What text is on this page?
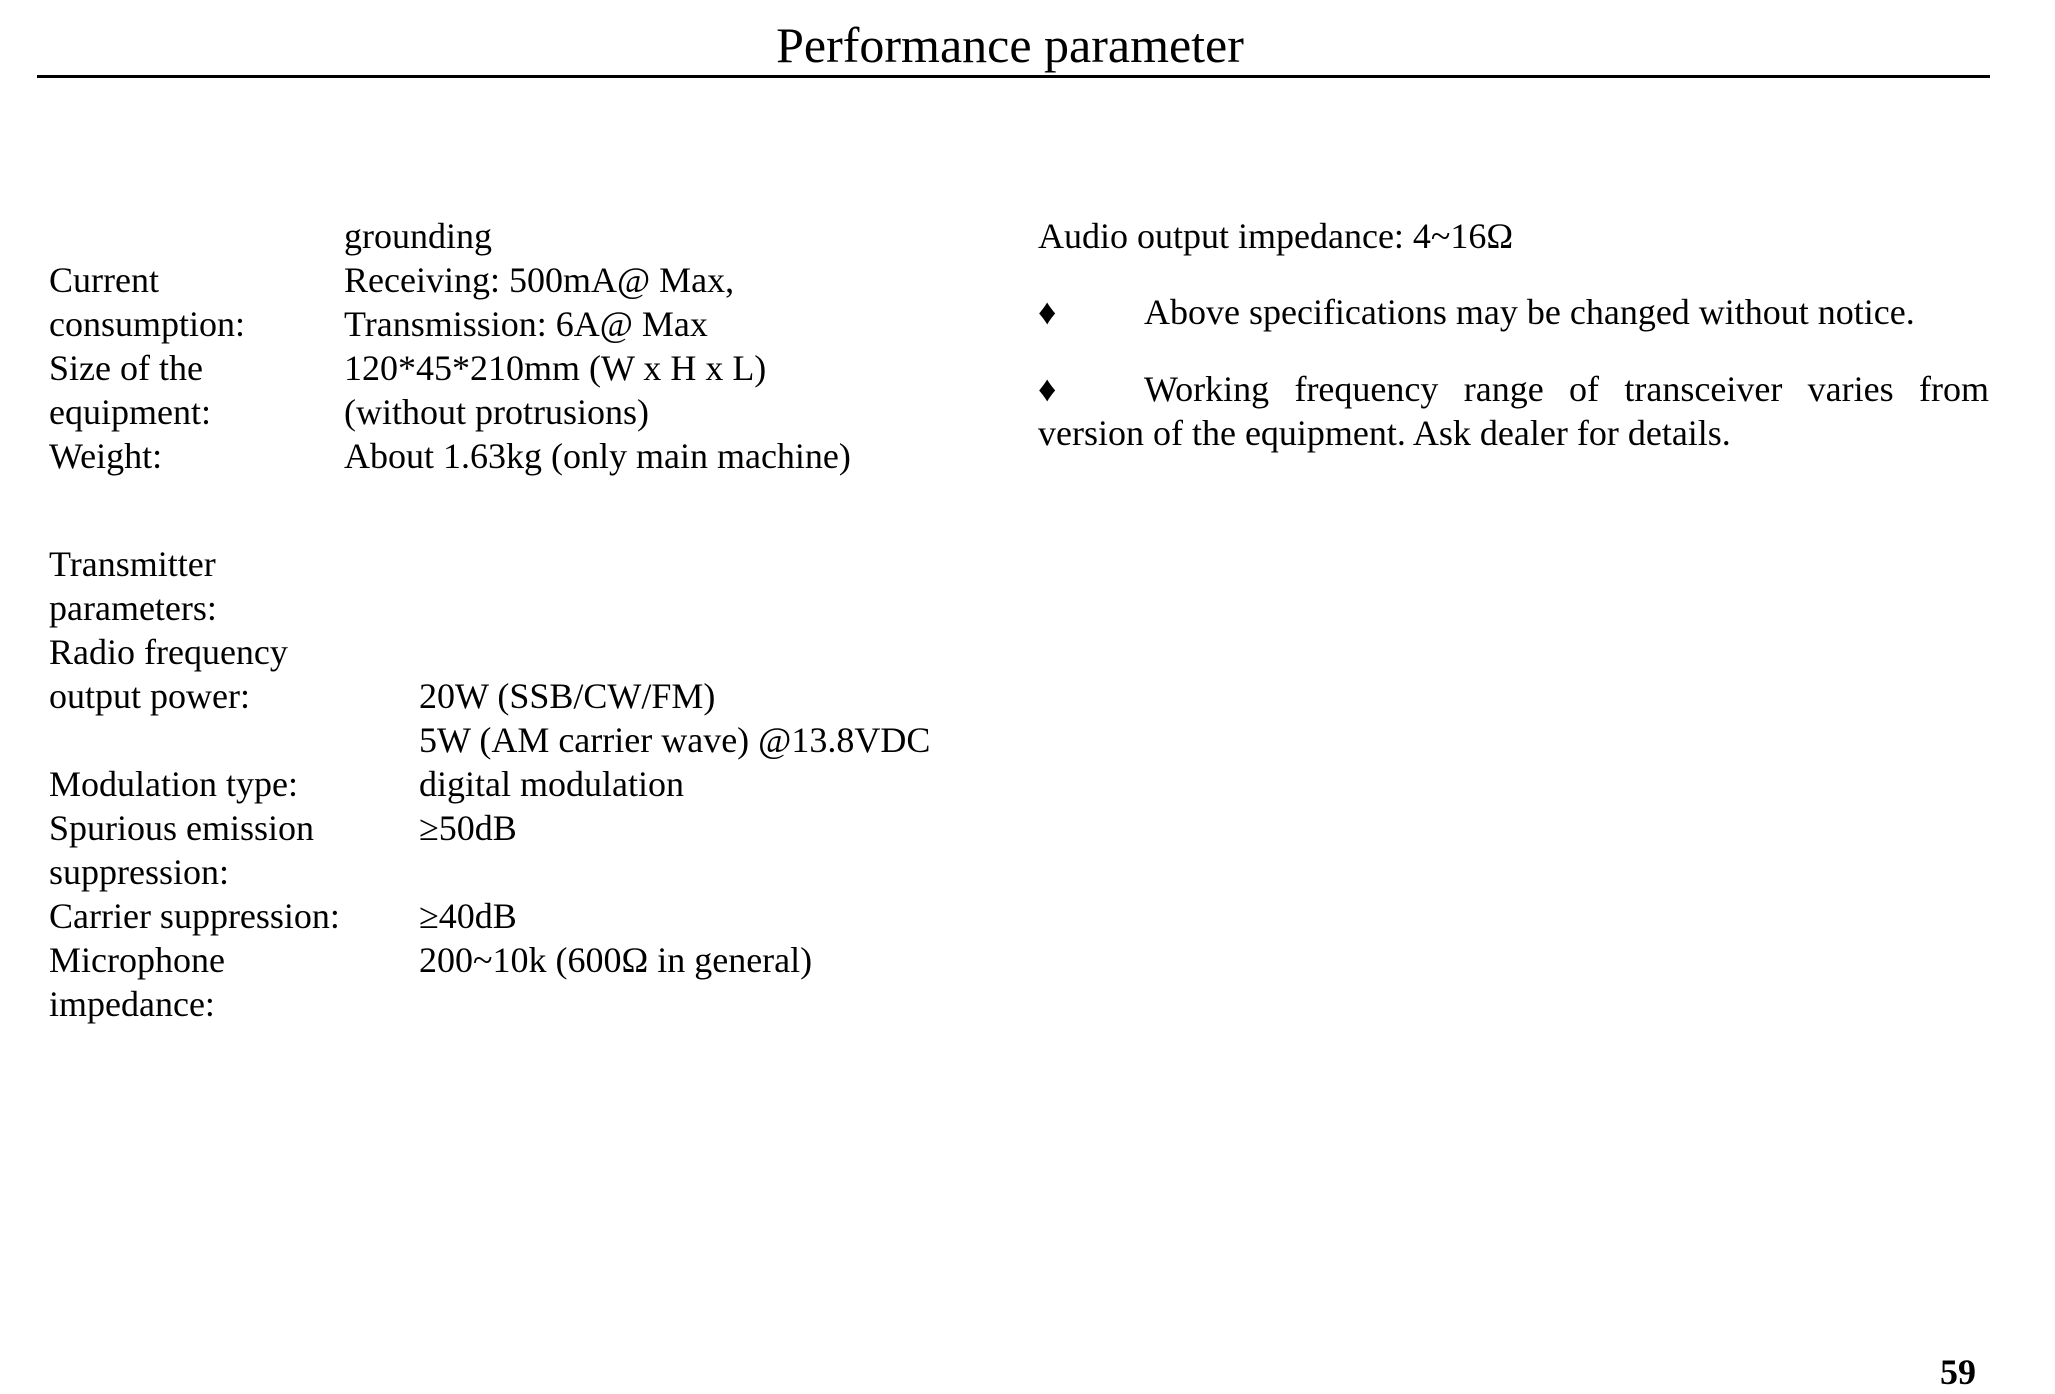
Performance parameter
grounding
Current	Receiving: 500mA@ Max,
consumption:	Transmission: 6A@ Max
Size of the	120*45*210mm (W x H x L)
equipment:	(without protrusions)
Weight:	About 1.63kg (only main machine)
Transmitter
parameters:
Radio frequency
output power:	20W (SSB/CW/FM)
5W (AM carrier wave) @13.8VDC
Modulation type:	digital modulation
Spurious emission	≥50dB
suppression:
Carrier suppression: ≥40dB
Microphone	200~10k (600Ω in general)
impedance:
Audio output impedance: 4~16Ω
♦ Above specifications may be changed without notice.
♦	Working frequency range of transceiver varies from version of the equipment. Ask dealer for details.
59
